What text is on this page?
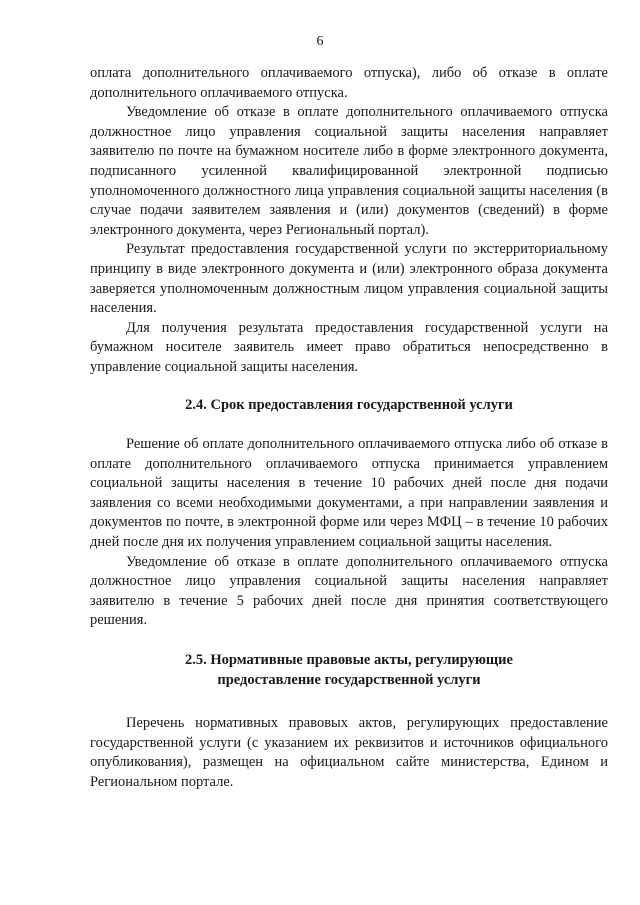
6

оплата дополнительного оплачиваемого отпуска), либо об отказе в оплате дополнительного оплачиваемого отпуска.

Уведомление об отказе в оплате дополнительного оплачиваемого отпуска должностное лицо управления социальной защиты населения направляет заявителю по почте на бумажном носителе либо в форме электронного документа, подписанного усиленной квалифицированной электронной подписью уполномоченного должностного лица управления социальной защиты населения (в случае подачи заявителем заявления и (или) документов (сведений) в форме электронного документа, через Региональный портал).

Результат предоставления государственной услуги по экстерриториальному принципу в виде электронного документа и (или) электронного образа документа заверяется уполномоченным должностным лицом управления социальной защиты населения.

Для получения результата предоставления государственной услуги на бумажном носителе заявитель имеет право обратиться непосредственно в управление социальной защиты населения.

2.4. Срок предоставления государственной услуги

Решение об оплате дополнительного оплачиваемого отпуска либо об отказе в оплате дополнительного оплачиваемого отпуска принимается управлением социальной защиты населения в течение 10 рабочих дней после дня подачи заявления со всеми необходимыми документами, а при направлении заявления и документов по почте, в электронной форме или через МФЦ – в течение 10 рабочих дней после дня их получения управлением социальной защиты населения.

Уведомление об отказе в оплате дополнительного оплачиваемого отпуска должностное лицо управления социальной защиты населения направляет заявителю в течение 5 рабочих дней после дня принятия соответствующего решения.

2.5. Нормативные правовые акты, регулирующие
предоставление государственной услуги

Перечень нормативных правовых актов, регулирующих предоставление государственной услуги (с указанием их реквизитов и источников официального опубликования), размещен на официальном сайте министерства, Едином и Региональном портале.

·
·
·
